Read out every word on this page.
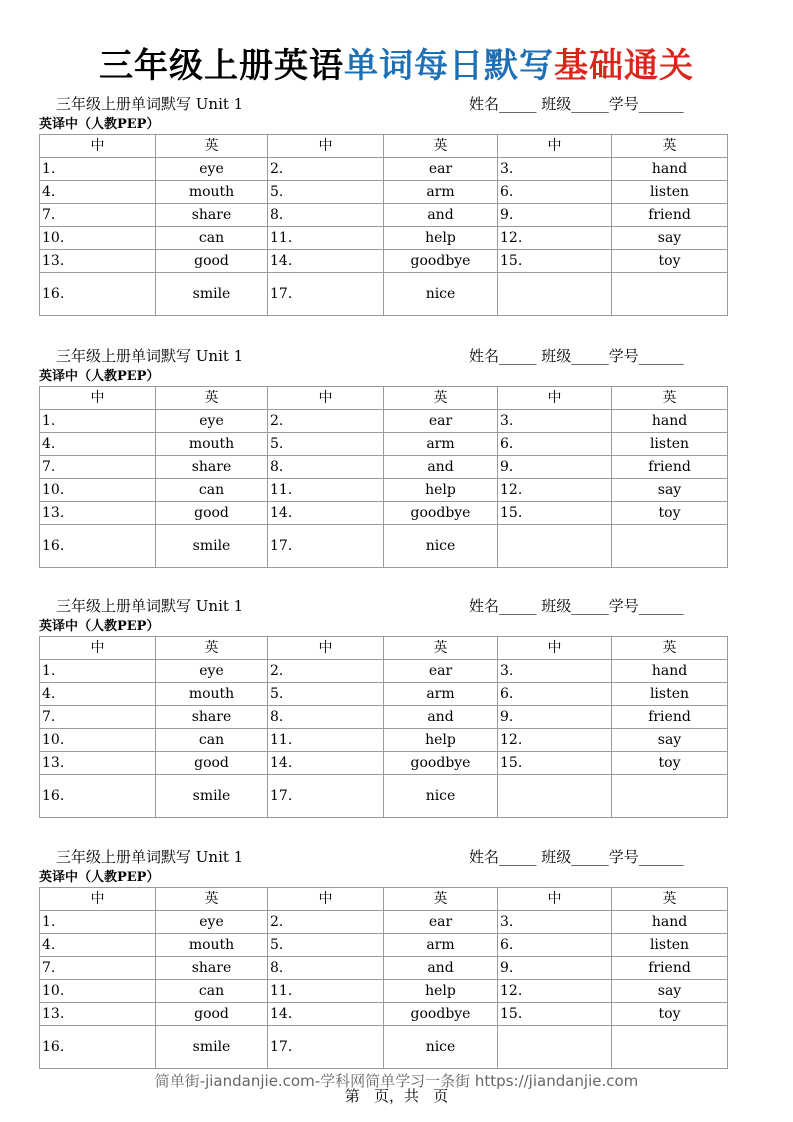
三年级上册英语单词每日默写基础通关
三年级上册单词默写 Unit 1	姓名_____ 班级_____学号______
英译中（人教PEP）
中	英	中	英	中	英
1.	eye	2.	ear	3.	hand
4.	mouth	5.	arm	6.	listen
7.	share	8.	and	9.	friend
10.	can	11.	help	12.	say
13.	good	14.	goodbye	15.	toy
16.	smile	17.	nice		
三年级上册单词默写 Unit 1	姓名_____ 班级_____学号______
英译中（人教PEP）
中	英	中	英	中	英
1.	eye	2.	ear	3.	hand
4.	mouth	5.	arm	6.	listen
7.	share	8.	and	9.	friend
10.	can	11.	help	12.	say
13.	good	14.	goodbye	15.	toy
16.	smile	17.	nice		
三年级上册单词默写 Unit 1	姓名_____ 班级_____学号______
英译中（人教PEP）
中	英	中	英	中	英
1.	eye	2.	ear	3.	hand
4.	mouth	5.	arm	6.	listen
7.	share	8.	and	9.	friend
10.	can	11.	help	12.	say
13.	good	14.	goodbye	15.	toy
16.	smile	17.	nice		
三年级上册单词默写 Unit 1	姓名_____ 班级_____学号______
英译中（人教PEP）
中	英	中	英	中	英
1.	eye	2.	ear	3.	hand
4.	mouth	5.	arm	6.	listen
7.	share	8.	and	9.	friend
10.	can	11.	help	12.	say
13.	good	14.	goodbye	15.	toy
16.	smile	17.	nice		
简单街-jiandanjie.com-学科网简单学习一条街 https://jiandanjie.com
第   页，共   页
